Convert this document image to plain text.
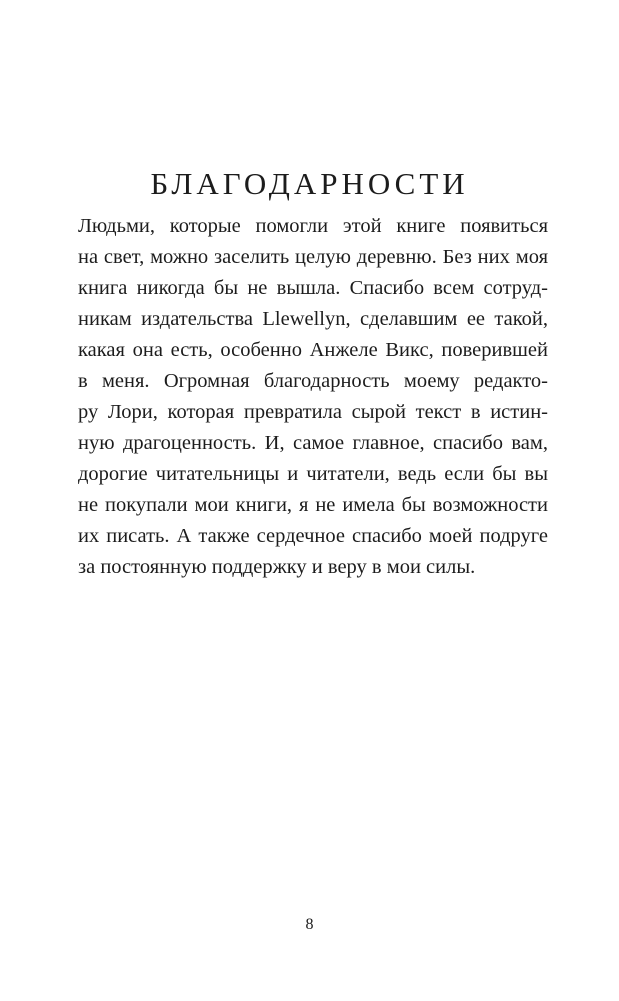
БЛАГОДАРНОСТИ
Людьми, которые помогли этой книге появиться
на свет, можно заселить целую деревню. Без них моя
книга никогда бы не вышла. Спасибо всем сотруд-
никам издательства Llewellyn, сделавшим ее такой,
какая она есть, особенно Анжеле Викс, поверившей
в меня. Огромная благодарность моему редакто-
ру Лори, которая превратила сырой текст в истин-
ную драгоценность. И, самое главное, спасибо вам,
дорогие читательницы и читатели, ведь если бы вы
не покупали мои книги, я не имела бы возможности
их писать. А также сердечное спасибо моей подруге
за постоянную поддержку и веру в мои силы.
8
